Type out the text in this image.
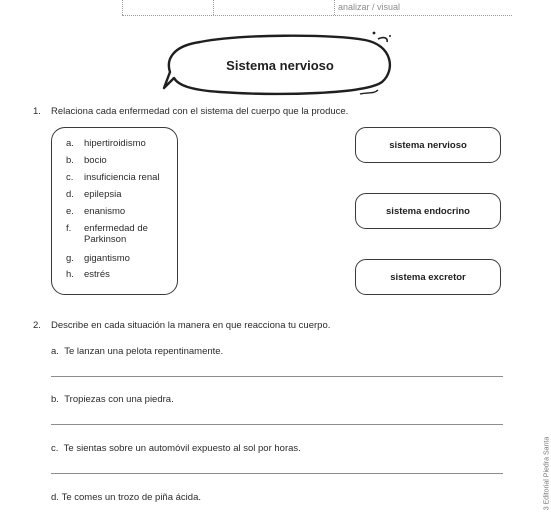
analizar / visual
Sistema nervioso
1. Relaciona cada enfermedad con el sistema del cuerpo que la produce.
a. hipertiroidismo
b. bocio
c. insuficiencia renal
d. epilepsia
e. enanismo
f. enfermedad de Parkinson
g. gigantismo
h. estrés
sistema nervioso
sistema endocrino
sistema excretor
2. Describe en cada situación la manera en que reacciona tu cuerpo.
a. Te lanzan una pelota repentinamente.
b. Tropiezas con una piedra.
c. Te sientas sobre un automóvil expuesto al sol por horas.
d. Te comes un trozo de piña ácida.	3 Editorial Piedra Santa
